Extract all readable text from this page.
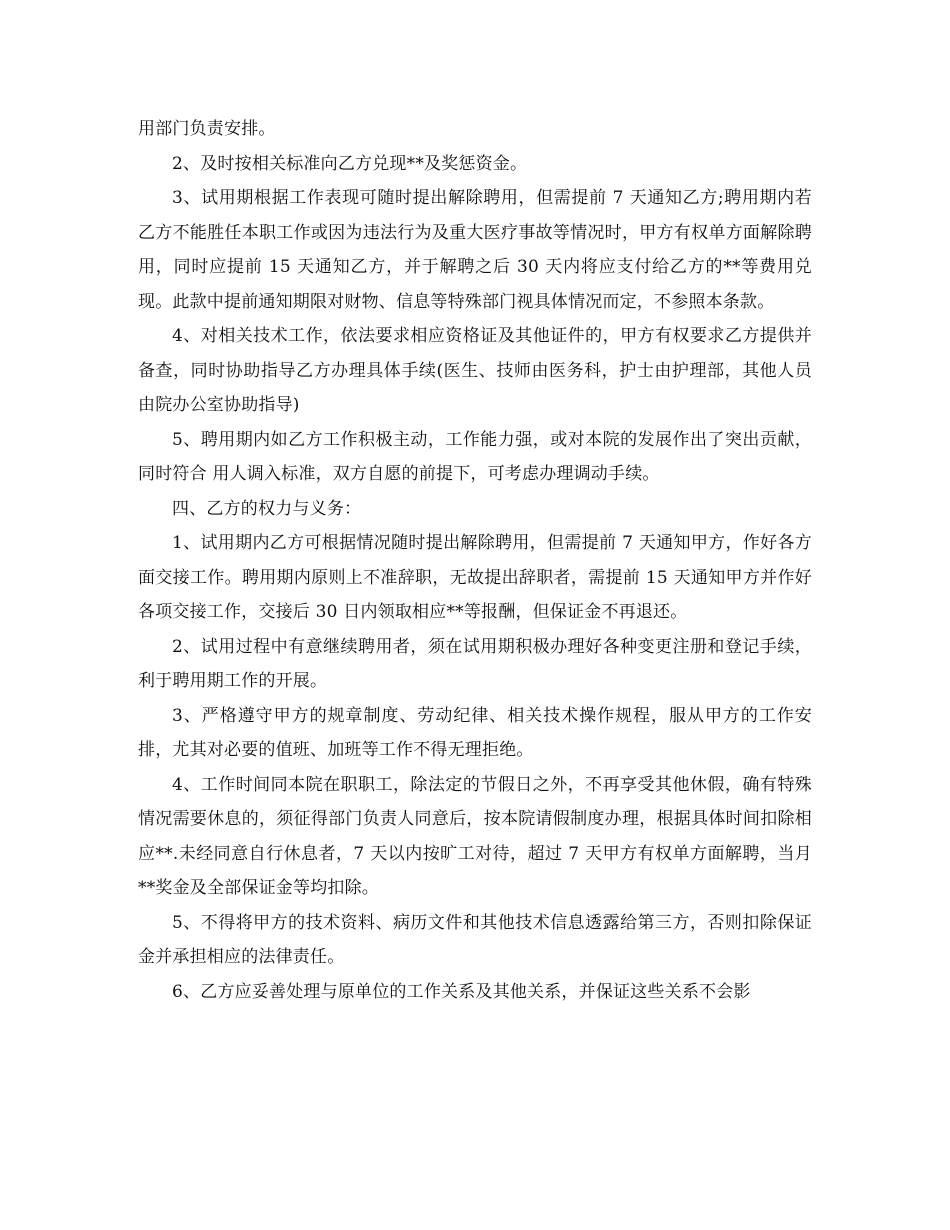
用部门负责安排。

2、及时按相关标准向乙方兑现**及奖惩资金。

3、试用期根据工作表现可随时提出解除聘用，但需提前 7 天通知乙方;聘用期内若乙方不能胜任本职工作或因为违法行为及重大医疗事故等情况时，甲方有权单方面解除聘用，同时应提前 15 天通知乙方，并于解聘之后 30 天内将应支付给乙方的**等费用兑现。此款中提前通知期限对财物、信息等特殊部门视具体情况而定，不参照本条款。

4、对相关技术工作，依法要求相应资格证及其他证件的，甲方有权要求乙方提供并备查，同时协助指导乙方办理具体手续(医生、技师由医务科，护士由护理部，其他人员由院办公室协助指导)

5、聘用期内如乙方工作积极主动，工作能力强，或对本院的发展作出了突出贡献，同时符合 用人调入标准，双方自愿的前提下，可考虑办理调动手续。

四、乙方的权力与义务：

1、试用期内乙方可根据情况随时提出解除聘用，但需提前 7 天通知甲方，作好各方面交接工作。聘用期内原则上不准辞职，无故提出辞职者，需提前 15 天通知甲方并作好各项交接工作，交接后 30 日内领取相应**等报酬，但保证金不再退还。

2、试用过程中有意继续聘用者，须在试用期积极办理好各种变更注册和登记手续，利于聘用期工作的开展。

3、严格遵守甲方的规章制度、劳动纪律、相关技术操作规程，服从甲方的工作安排，尤其对必要的值班、加班等工作不得无理拒绝。

4、工作时间同本院在职职工，除法定的节假日之外，不再享受其他休假，确有特殊情况需要休息的，须征得部门负责人同意后，按本院请假制度办理，根据具体时间扣除相应**.未经同意自行休息者，7 天以内按旷工对待，超过 7 天甲方有权单方面解聘，当月**奖金及全部保证金等均扣除。

5、不得将甲方的技术资料、病历文件和其他技术信息透露给第三方，否则扣除保证金并承担相应的法律责任。

6、乙方应妥善处理与原单位的工作关系及其他关系，并保证这些关系不会影
